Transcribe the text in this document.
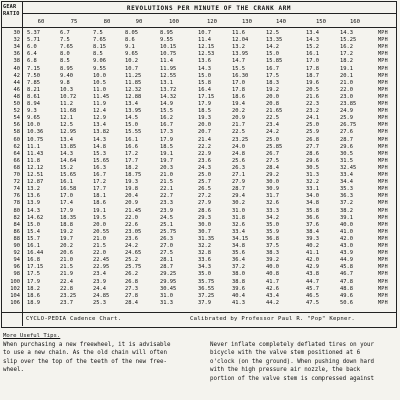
GEAR RATIO
REVOLUTIONS PER MINUTE OF THE CRANK ARM
60	75	80	90	100	120	130	140	150	160
30 5.37	6.7	7.5	8.05	8.95	10.7	11.6	12.5	13.4	14.3	MPH
32 5.71	7.5	7.65	8.6	9.55	11.4	12.04	13.35	14.3	15.25	MPH
34 6.0	7.65	8.15	9.1	10.15	12.15	13.2	14.2	15.2	16.2	MPH
36 6.4	8.0	8.5	9.65	10.75	12.53	13.95	15.0	16.1	17.2	MPH
38 6.8	8.5	9.06	10.2	11.4	13.6	14.7	15.85	17.0	18.2	MPH
40 7.15	8.95	9.55	10.7	11.95	14.3	15.5	16.7	17.8	19.1	MPH
42 7.50	9.40	10.0	11.25	12.55	15.0	16.30	17.5	18.7	20.1	MPH
44 7.85	9.8	10.5	11.85	13.1	15.8	17.0	18.3	19.6	21.0	MPH
46 8.21	10.3	11.0	12.32	13.72	16.4	17.8	19.2	20.5	22.0	MPH
48 8.61	10.72	11.45	12.88	14.32	17.15	18.6	20.0	21.6	23.0	MPH
50 8.94	11.2	11.9	13.4	14.9	17.9	19.4	20.8	22.3	23.85	MPH
52 9.3	11.68	12.4	13.95	15.5	18.5	20.2	21.65	23.2	24.9	MPH
54 9.65	12.1	12.9	14.5	16.2	19.3	20.9	22.5	24.1	25.9	MPH
56 10.0	12.5	13.4	15.0	16.7	20.0	21.7	23.4	25.0	26.75	MPH
58 10.36	12.95	13.82	15.55	17.3	20.7	22.5	24.2	25.9	27.6	MPH
60 10.75	13.4	14.3	16.1	17.9	21.4	23.25	25.0	26.8	28.7	MPH
62 11.1	13.85	14.8	16.6	18.5	22.2	24.0	25.85	27.7	29.6	MPH
64 11.43	14.3	15.3	17.2	19.1	22.9	24.8	26.7	28.6	30.5	MPH
66 11.8	14.64	15.65	17.7	19.7	23.6	25.6	27.5	29.6	31.5	MPH
68 12.12	15.2	16.3	18.2	20.3	24.3	26.3	28.4	30.5	32.45	MPH
70 12.51	15.65	16.7	18.75	21.0	25.0	27.1	29.2	31.3	33.4	MPH
72 12.87	16.1	17.2	19.3	21.5	25.7	27.9	30.0	32.2	34.4	MPH
74 13.2	16.58	17.7	19.8	22.1	26.5	28.7	30.9	33.1	35.3	MPH
76 13.6	17.0	18.1	20.4	22.7	27.2	29.4	31.7	34.0	36.3	MPH
78 13.9	17.4	18.6	20.9	23.3	27.9	30.2	32.6	34.8	37.2	MPH
80 14.3	17.9	19.1	21.45	23.9	28.6	31.0	33.3	35.8	38.2	MPH
82 14.62	18.35	19.5	22.0	24.5	29.3	31.8	34.2	36.6	39.1	MPH
84 15.0	18.8	20.0	22.6	25.1	30.0	32.6	35.0	37.6	40.0	MPH
86 15.4	19.2	20.55	23.05	25.75	30.7	33.4	35.9	38.4	41.0	MPH
88 15.7	19.7	21.0	23.6	26.3	31.35	34.15	36.8	39.3	42.0	MPH
90 16.1	20.2	21.5	24.2	27.0	32.2	34.8	37.5	40.2	43.0	MPH
92 16.44	20.6	22.0	24.65	27.5	32.8	35.6	38.3	41.1	43.9	MPH
94 16.8	21.0	22.45	25.2	28.1	33.6	36.4	39.2	42.0	44.9	MPH
96 17.15	21.5	22.95	25.75	28.7	34.3	37.2	40.0	42.9	45.8	MPH
98 17.5	21.9	23.4	26.2	29.25	35.0	38.0	40.8	43.8	46.7	MPH
100 17.9	22.4	23.9	26.8	29.95	35.75	38.8	41.7	44.7	47.8	MPH
102 18.2	22.8	24.4	27.3	30.45	36.55	39.6	42.6	45.7	48.8	MPH
104 18.6	23.25	24.85	27.8	31.0	37.25	40.4	43.4	46.5	49.6	MPH
106 18.9	23.7	25.3	28.4	31.3	37.9	41.3	44.2	47.5	50.6	MPH
CYCLO-PEDIA Cadence Chart.	Calibrated by Professor Paul R. "Pop" Kepner.
More Useful Tips.
When purchasing a new freewheel, it is advisable
to use a new chain. As the old chain will often
slip over the top of the teeth of the new free-
wheel.
Never inflate completely deflated tires on your
bicycle with the valve stem positioned at 6
o'clock (on the ground). When pushing down hard
with the high pressure air nozzle, the back
portion of the valve stem is compressed against
